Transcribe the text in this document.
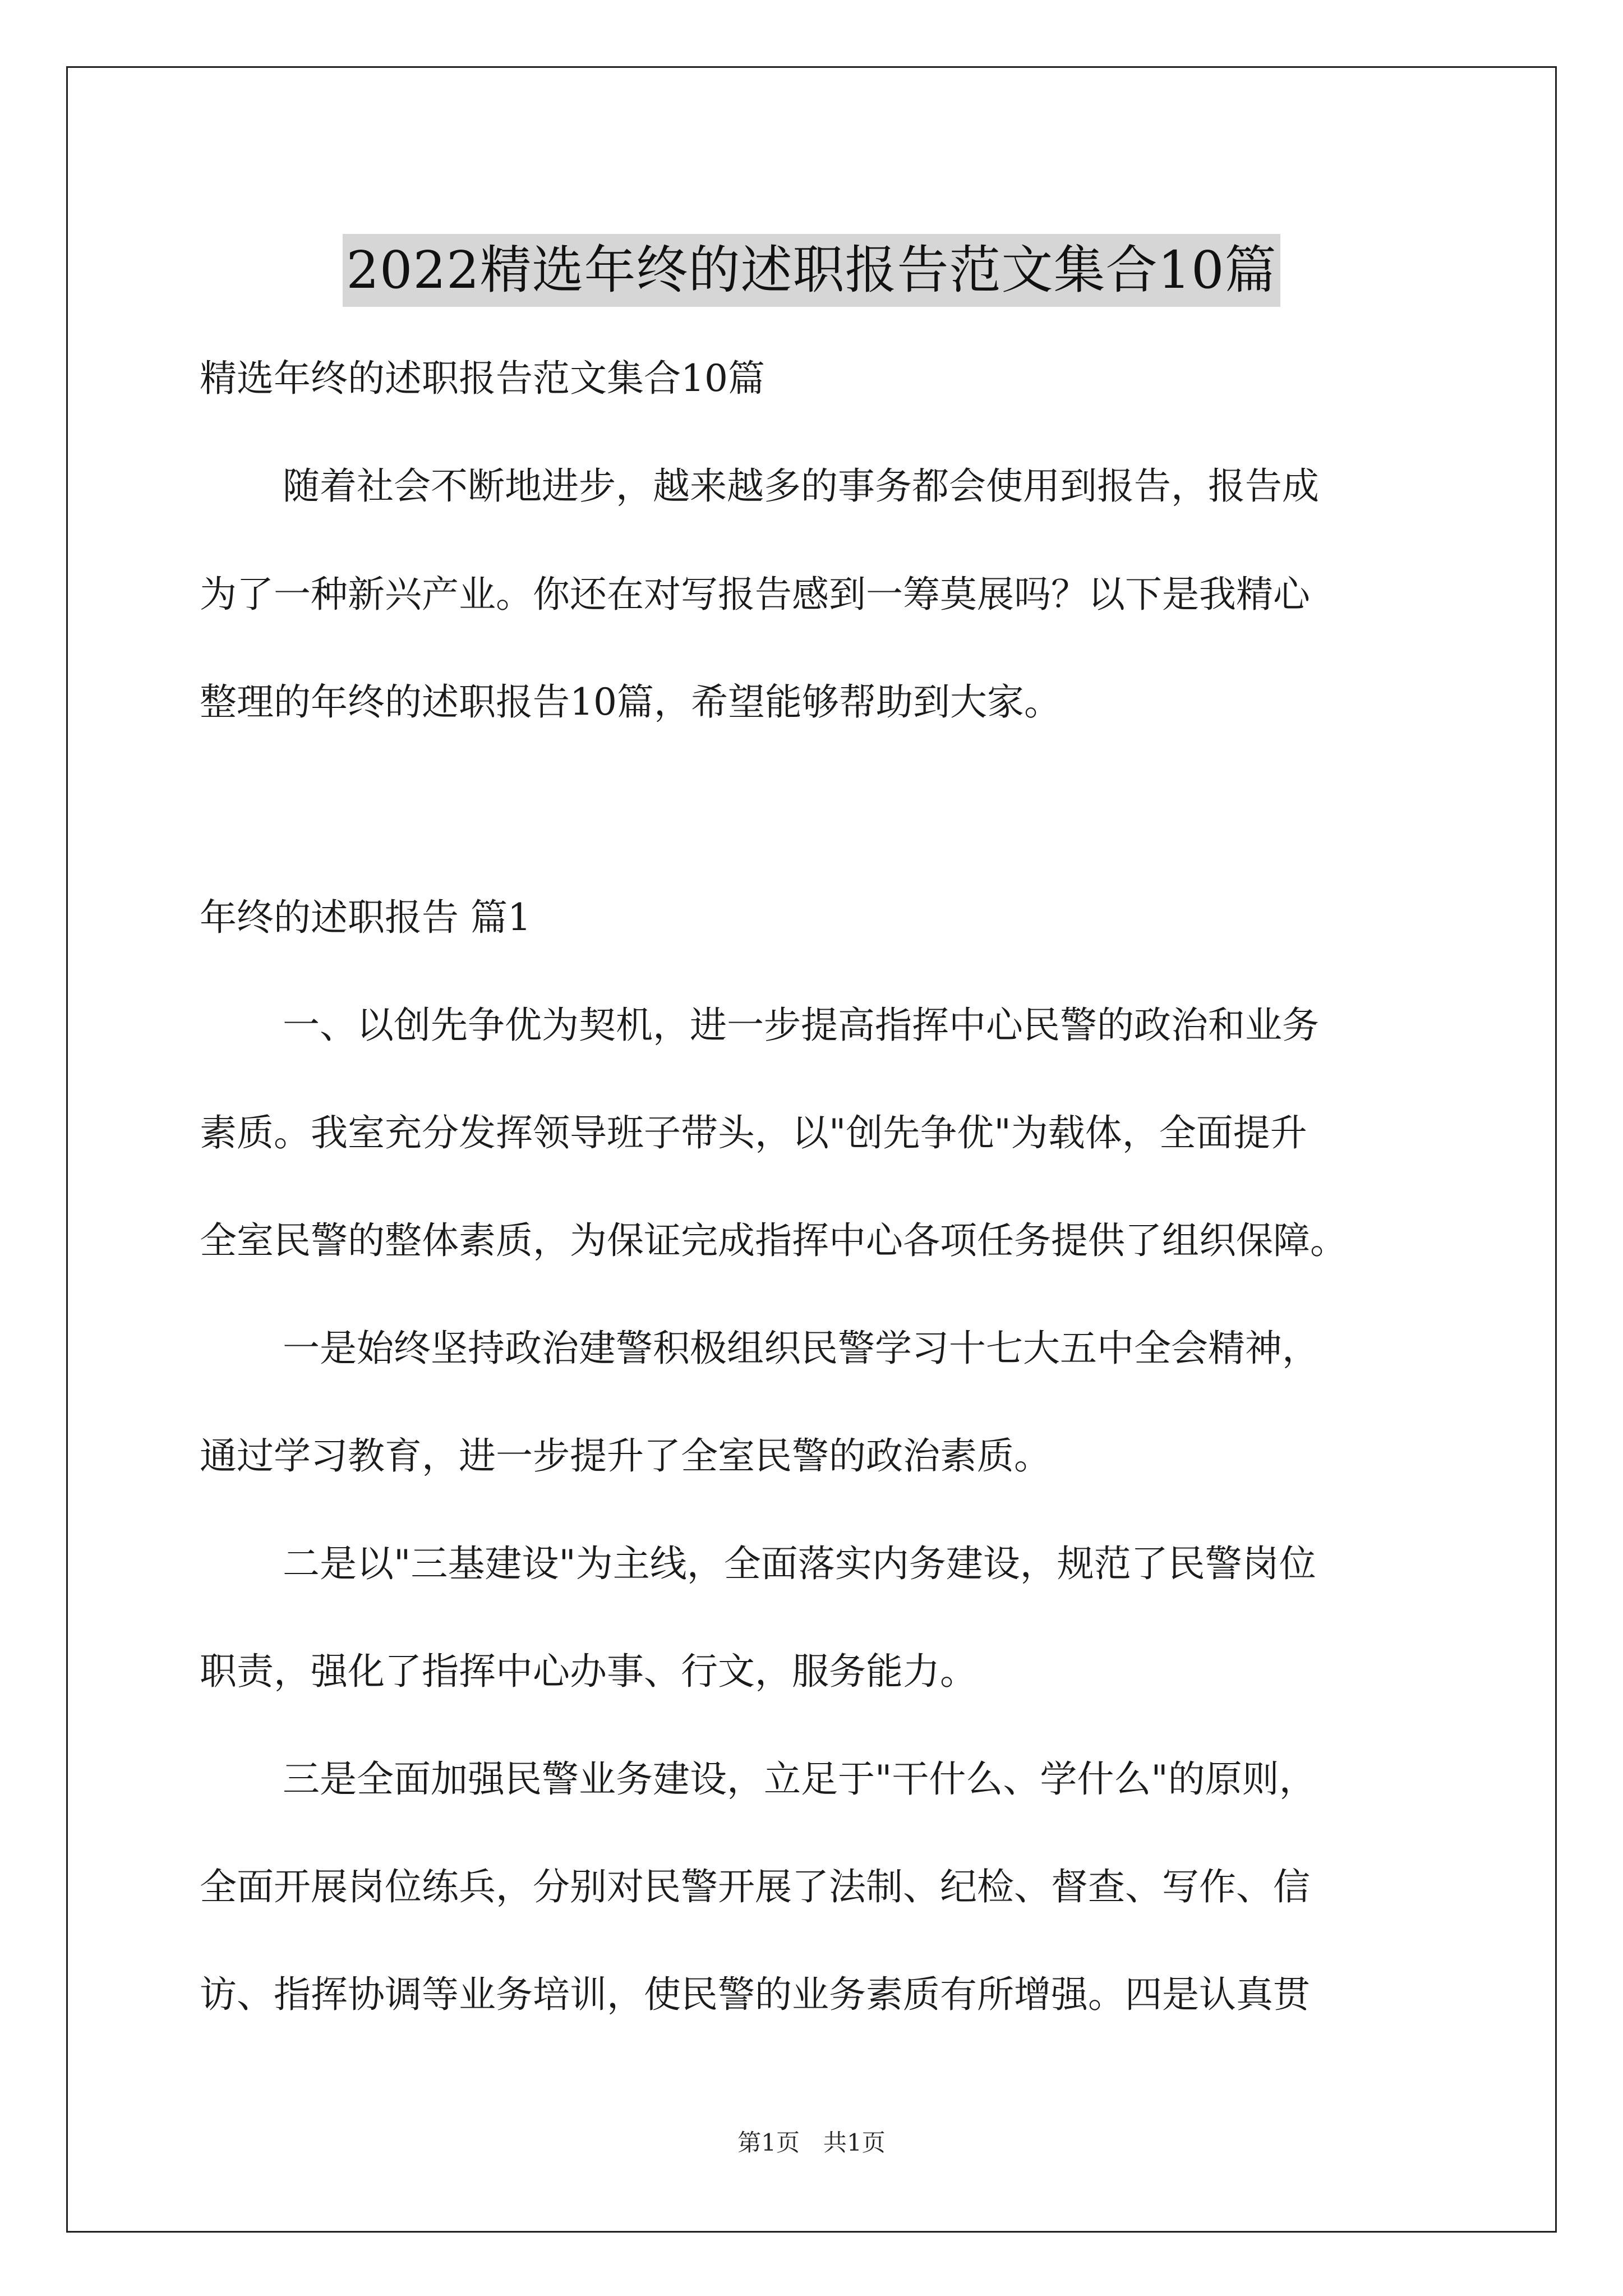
2022精选年终的述职报告范文集合10篇
精选年终的述职报告范文集合10篇
随着社会不断地进步，越来越多的事务都会使用到报告，报告成
为了一种新兴产业。你还在对写报告感到一筹莫展吗？以下是我精心
整理的年终的述职报告10篇，希望能够帮助到大家。
年终的述职报告 篇1
一、以创先争优为契机，进一步提高指挥中心民警的政治和业务
素质。我室充分发挥领导班子带头，以"创先争优"为载体，全面提升
全室民警的整体素质，为保证完成指挥中心各项任务提供了组织保障。
一是始终坚持政治建警积极组织民警学习十七大五中全会精神，
通过学习教育，进一步提升了全室民警的政治素质。
二是以"三基建设"为主线，全面落实内务建设，规范了民警岗位
职责，强化了指挥中心办事、行文，服务能力。
三是全面加强民警业务建设，立足于"干什么、学什么"的原则，
全面开展岗位练兵，分别对民警开展了法制、纪检、督查、写作、信
访、指挥协调等业务培训，使民警的业务素质有所增强。四是认真贯
第1页　共1页
